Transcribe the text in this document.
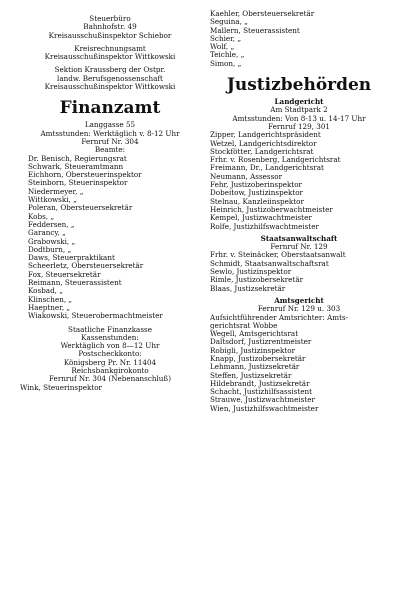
Steuerbüro
Bahnhofstr. 49
Kreisausschußinspektor Schiebor
Kreisrechnungsamt
Kreisausschußinspektor Wittkowski
Sektion Kraussberg der Ostpr.
landw. Berufsgenossenschaft
Kreisausschußinspektor Wittkowski
Finanzamt
Langgasse 55
Amtsstunden: Werktäglich v. 8-12 Uhr
Fernruf Nr. 304
Beamte:
Dr. Benisch, Regierungsrat
Schwark, Steueramtmann
Eichhorn, Obersteuerinspektor
Steinborn, Steuerinspektor
Niedermeyer, „
Wittkowski, „
Poleran, Obersteuersekretär
Kobs, „
Feddersen, „
Garancy, „
Grabowski, „
Dodtburn, „
Daws, Steuerpraktikant
Scheerletz, Obersteuersekretär
Fox, Steuersekretär
Reimann, Steuerassistent
Kosbad, „
Klinschen, „
Haeptner, „
Wiakowski, Steuerobermachtmeister
Staatliche Finanzkasse
Kassenstunden:
Werktäglich von 8—12 Uhr
Postscheckkonto:
Königsberg Pr. Nr. 11404
Reichsbankgirokonto
Fernruf Nr. 304 (Nebenanschluß)
Wink, Steuerinspektor
Kaehler, Obersteuersekretär
Seguina, „
Mallern, Steuerassistent
Schier, „
Wolf, „
Teichle, „
Simon, „
Justizbehörden
Landgericht
Am Stadtpark 2
Amtsstunden: Von 8-13 u. 14-17 Uhr
Fernruf 129, 301
Zipper, Landgerichtspräsident
Wetzel, Landgerichtsdirektor
Stockfötter, Landgerichtsrat
Frhr. v. Rosenberg, Landgerichtsrat
Freimann, Dr., Landgerichtsrat
Neumann, Assessor
Fehr, Justizoberinspektor
Dobeitow, Justizinspektor
Stelnau, Kanzleiinspektor
Heinrich, Justizoberwachtmeister
Kempel, Justizwachtmeister
Rolfe, Justizhilfswachtmeister
Staatsanwaltschaft
Fernruf Nr. 129
Frhr. v. Steinäcker, Oberstaatsanwalt
Schmidt, Staatsanwaltschaftsrat
Sewlo, Justizinspektor
Rimle, Justizobersekretär
Blaas, Justizsekretär
Amtsgericht
Fernruf Nr. 129 u. 303
Aufsichtführender Amtsrichter: Amts-
gerichtsrat Wobbe
Wegell, Amtsgerichtsrat
Daltsdorf, Justizrentmeister
Robigli, Justizinspektor
Knapp, Justizobersekretär
Lehmann, Justizsekretär
Steffen, Justizsekretär
Hildebrandt, Justizsekretär
Schacht, Justizhilfsassistent
Strauwe, Justizwachtmeister
Wien, Justizhilfswachtmeister
